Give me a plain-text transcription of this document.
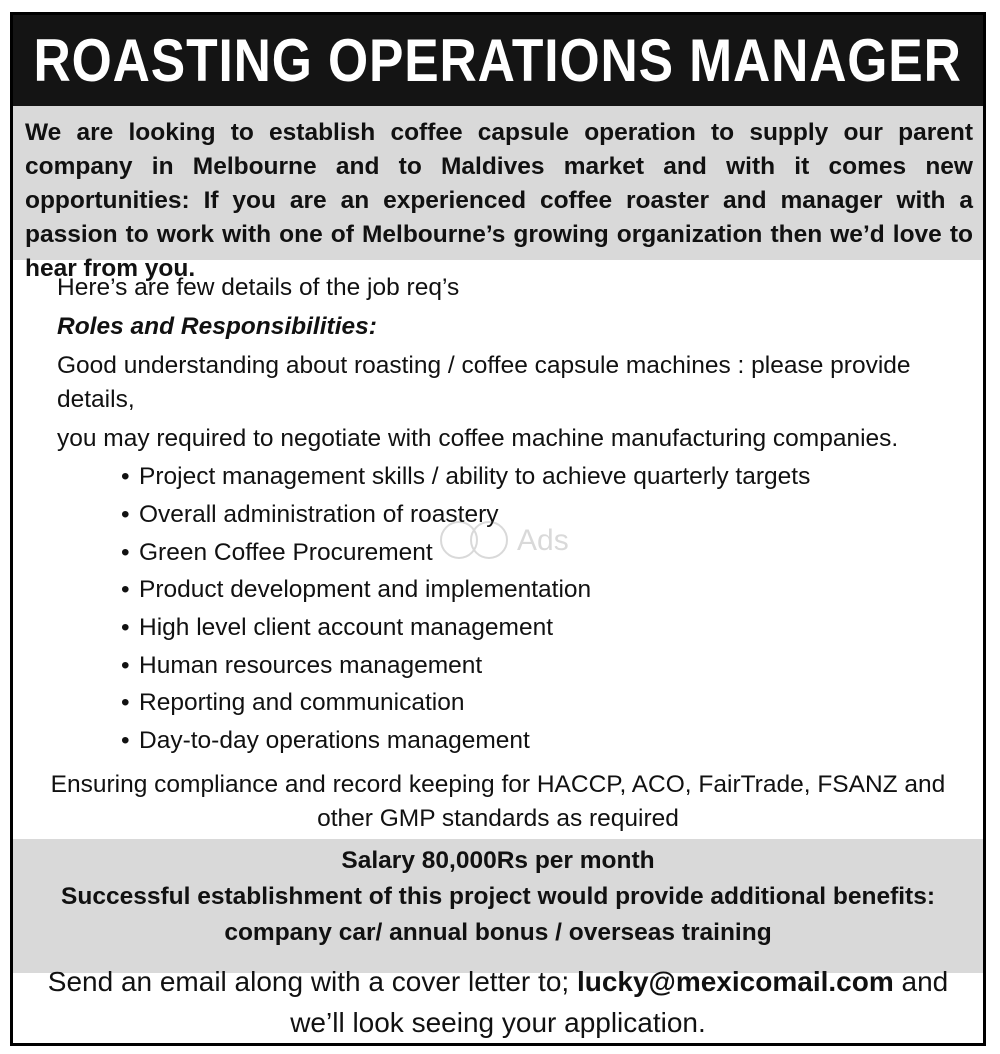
ROASTING OPERATIONS MANAGER

We are looking to establish coffee capsule operation to supply our parent company in Melbourne and to Maldives market and with it comes new opportunities: If you are an experienced coffee roaster and manager with a passion to work with one of Melbourne’s growing organization then we’d love to hear from you.

Here’s are few details of the job req’s
Roles and Responsibilities:
Good understanding about roasting / coffee capsule machines : please provide
details,
you may required to negotiate with coffee machine manufacturing companies.
• Project management skills / ability to achieve quarterly targets
• Overall administration of roastery
• Green Coffee Procurement
• Product development and implementation
• High level client account management
• Human resources management
• Reporting and communication
• Day-to-day operations management
Ensuring compliance and record keeping for HACCP, ACO, FairTrade, FSANZ and
other GMP standards as required
Ads
Salary 80,000Rs per month
Successful establishment of this project would provide additional benefits:
company car/ annual bonus / overseas training
Send an email along with a cover letter to; lucky@mexicomail.com and
we’ll look seeing your application.
